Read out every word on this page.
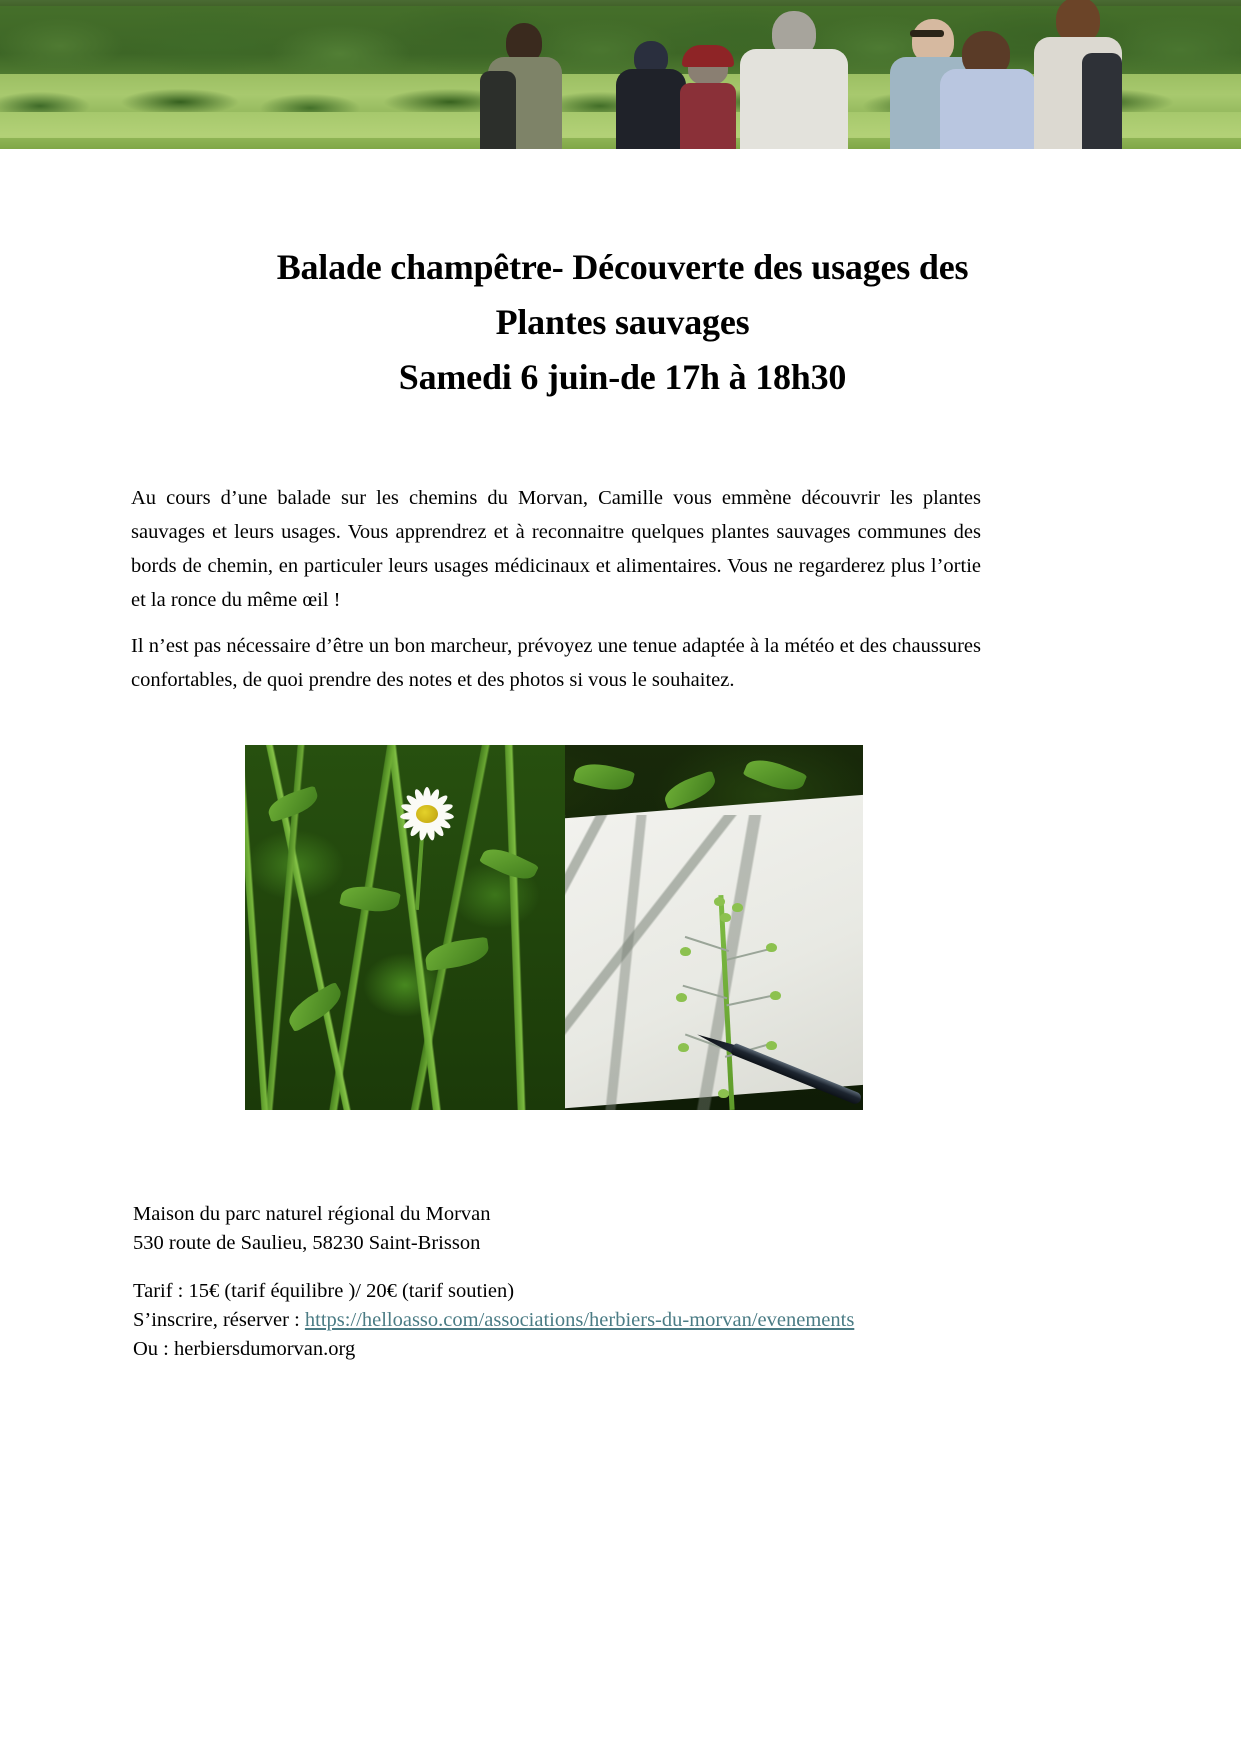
Balade champêtre- Découverte des usages des
Plantes sauvages
Samedi 6 juin-de 17h à 18h30

Au cours d’une balade sur les chemins du Morvan, Camille vous emmène découvrir les plantes sauvages et leurs usages. Vous apprendrez et à reconnaitre quelques plantes sauvages communes des bords de chemin, en particuler leurs usages médicinaux et alimentaires. Vous ne regarderez plus l’ortie et la ronce du même œil !

Il n’est pas nécessaire d’être un bon marcheur, prévoyez une tenue adaptée à la météo et des chaussures confortables, de quoi prendre des notes et des photos si vous le souhaitez.

Maison du parc naturel régional du Morvan
530 route de Saulieu, 58230 Saint-Brisson
Tarif : 15€ (tarif équilibre )/ 20€ (tarif soutien)
S’inscrire, réserver : https://helloasso.com/associations/herbiers-du-morvan/evenements
Ou : herbiersdumorvan.org
